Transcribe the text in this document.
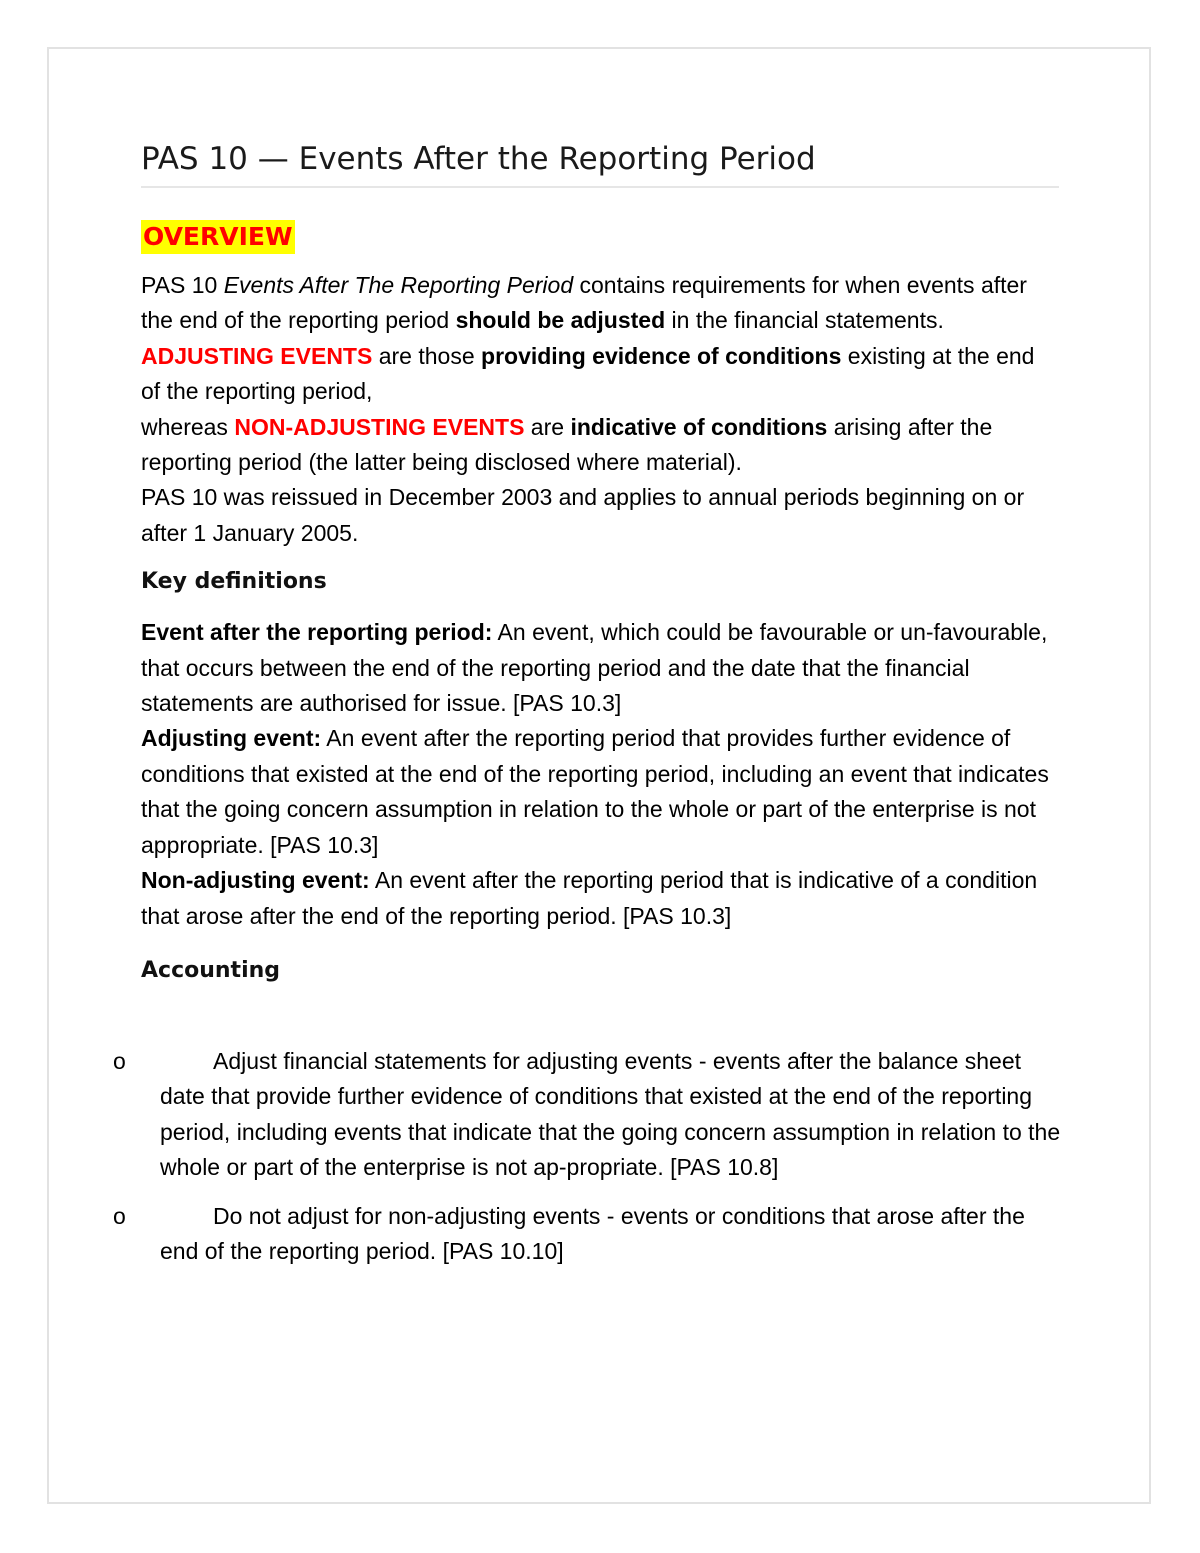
PAS 10 — Events After the Reporting Period
OVERVIEW

PAS 10 Events After The Reporting Period contains requirements for when events after the end of the reporting period should be adjusted in the financial statements.

ADJUSTING EVENTS are those providing evidence of conditions existing at the end of the reporting period,

whereas NON-ADJUSTING EVENTS are indicative of conditions arising after the reporting period (the latter being disclosed where material).

PAS 10 was reissued in December 2003 and applies to annual periods beginning on or after 1 January 2005.

Key definitions

Event after the reporting period: An event, which could be favourable or un-favourable, that occurs between the end of the reporting period and the date that the financial statements are authorised for issue. [PAS 10.3]

Adjusting event: An event after the reporting period that provides further evidence of conditions that existed at the end of the reporting period, including an event that indicates that the going concern assumption in relation to the whole or part of the enterprise is not appropriate. [PAS 10.3]

Non-adjusting event: An event after the reporting period that is indicative of a condition that arose after the end of the reporting period. [PAS 10.3]

Accounting
o	Adjust financial statements for adjusting events - events after the balance sheet date that provide further evidence of conditions that existed at the end of the reporting period, including events that indicate that the going concern assumption in relation to the whole or part of the enterprise is not ap-propriate. [PAS 10.8]
o	Do not adjust for non-adjusting events - events or conditions that arose after the end of the reporting period. [PAS 10.10]
